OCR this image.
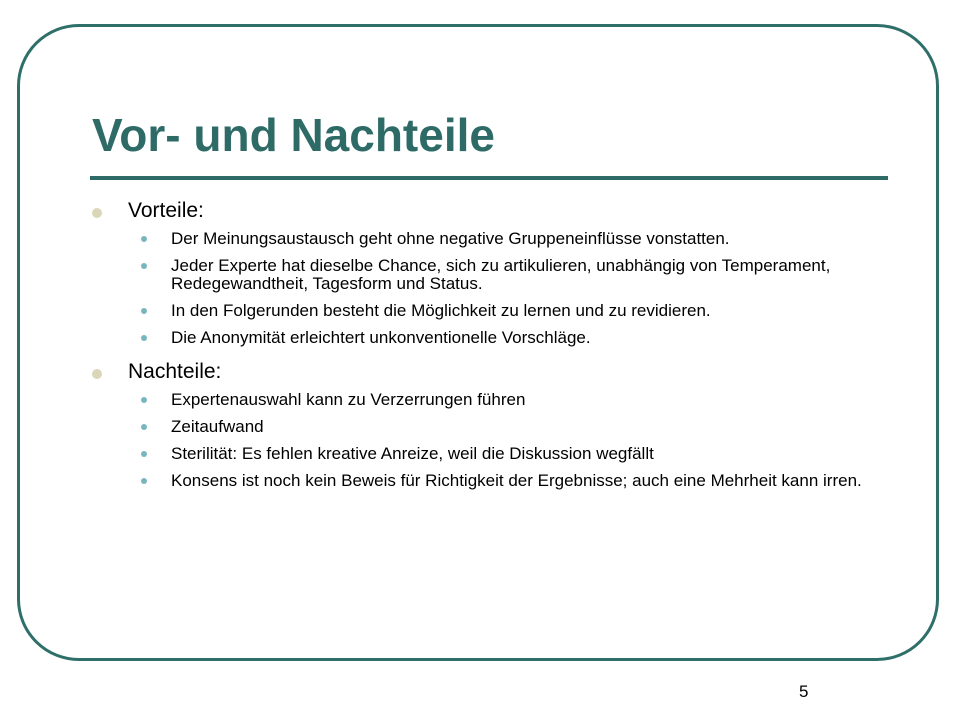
Vor- und Nachteile
Vorteile:
Der Meinungsaustausch geht ohne negative Gruppeneinflüsse vonstatten.
Jeder Experte hat dieselbe Chance, sich zu artikulieren, unabhängig von Temperament, Redegewandtheit, Tagesform und Status.
In den Folgerunden besteht die Möglichkeit zu lernen und zu revidieren.
Die Anonymität erleichtert unkonventionelle Vorschläge.
Nachteile:
Expertenauswahl kann zu Verzerrungen führen
Zeitaufwand
Sterilität: Es fehlen kreative Anreize, weil die Diskussion wegfällt
Konsens ist noch kein Beweis für Richtigkeit der Ergebnisse; auch eine Mehrheit kann irren.
5
